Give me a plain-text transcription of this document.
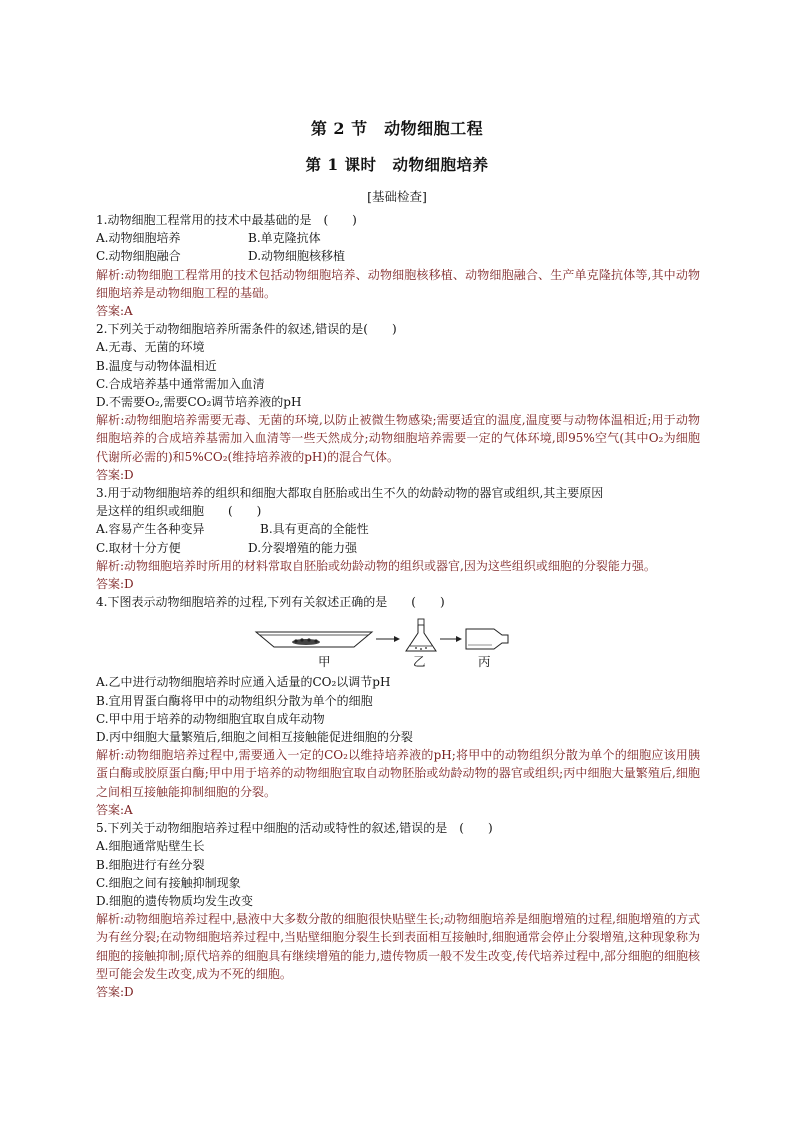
第 2 节　动物细胞工程
第 1 课时　动物细胞培养
[基础检查]
1.动物细胞工程常用的技术中最基础的是　(　　)
A.动物细胞培养	B.单克隆抗体
C.动物细胞融合	D.动物细胞核移植
解析:动物细胞工程常用的技术包括动物细胞培养、动物细胞核移植、动物细胞融合、生产单克隆抗体等,其中动物细胞培养是动物细胞工程的基础。
答案:A
2.下列关于动物细胞培养所需条件的叙述,错误的是(　　)
A.无毒、无菌的环境
B.温度与动物体温相近
C.合成培养基中通常需加入血清
D.不需要O₂,需要CO₂调节培养液的pH
解析:动物细胞培养需要无毒、无菌的环境,以防止被微生物感染;需要适宜的温度,温度要与动物体温相近;用于动物细胞培养的合成培养基需加入血清等一些天然成分;动物细胞培养需要一定的气体环境,即95%空气(其中O₂为细胞代谢所必需的)和5%CO₂(维持培养液的pH)的混合气体。
答案:D
3.用于动物细胞培养的组织和细胞大都取自胚胎或出生不久的幼龄动物的器官或组织,其主要原因
是这样的组织或细胞　　(　　)
A.容易产生各种变异	B.具有更高的全能性
C.取材十分方便	D.分裂增殖的能力强
解析:动物细胞培养时所用的材料常取自胚胎或幼龄动物的组织或器官,因为这些组织或细胞的分裂能力强。
答案:D
4.下图表示动物细胞培养的过程,下列有关叙述正确的是　　(　　)
甲	乙	丙
A.乙中进行动物细胞培养时应通入适量的CO₂以调节pH
B.宜用胃蛋白酶将甲中的动物组织分散为单个的细胞
C.甲中用于培养的动物细胞宜取自成年动物
D.丙中细胞大量繁殖后,细胞之间相互接触能促进细胞的分裂
解析:动物细胞培养过程中,需要通入一定的CO₂以维持培养液的pH;将甲中的动物组织分散为单个的细胞应该用胰蛋白酶或胶原蛋白酶;甲中用于培养的动物细胞宜取自动物胚胎或幼龄动物的器官或组织;丙中细胞大量繁殖后,细胞之间相互接触能抑制细胞的分裂。
答案:A
5.下列关于动物细胞培养过程中细胞的活动或特性的叙述,错误的是　(　　)
A.细胞通常贴壁生长
B.细胞进行有丝分裂
C.细胞之间有接触抑制现象
D.细胞的遗传物质均发生改变
解析:动物细胞培养过程中,悬液中大多数分散的细胞很快贴壁生长;动物细胞培养是细胞增殖的过程,细胞增殖的方式为有丝分裂;在动物细胞培养过程中,当贴壁细胞分裂生长到表面相互接触时,细胞通常会停止分裂增殖,这种现象称为细胞的接触抑制;原代培养的细胞具有继续增殖的能力,遗传物质一般不发生改变,传代培养过程中,部分细胞的细胞核型可能会发生改变,成为不死的细胞。
答案:D
